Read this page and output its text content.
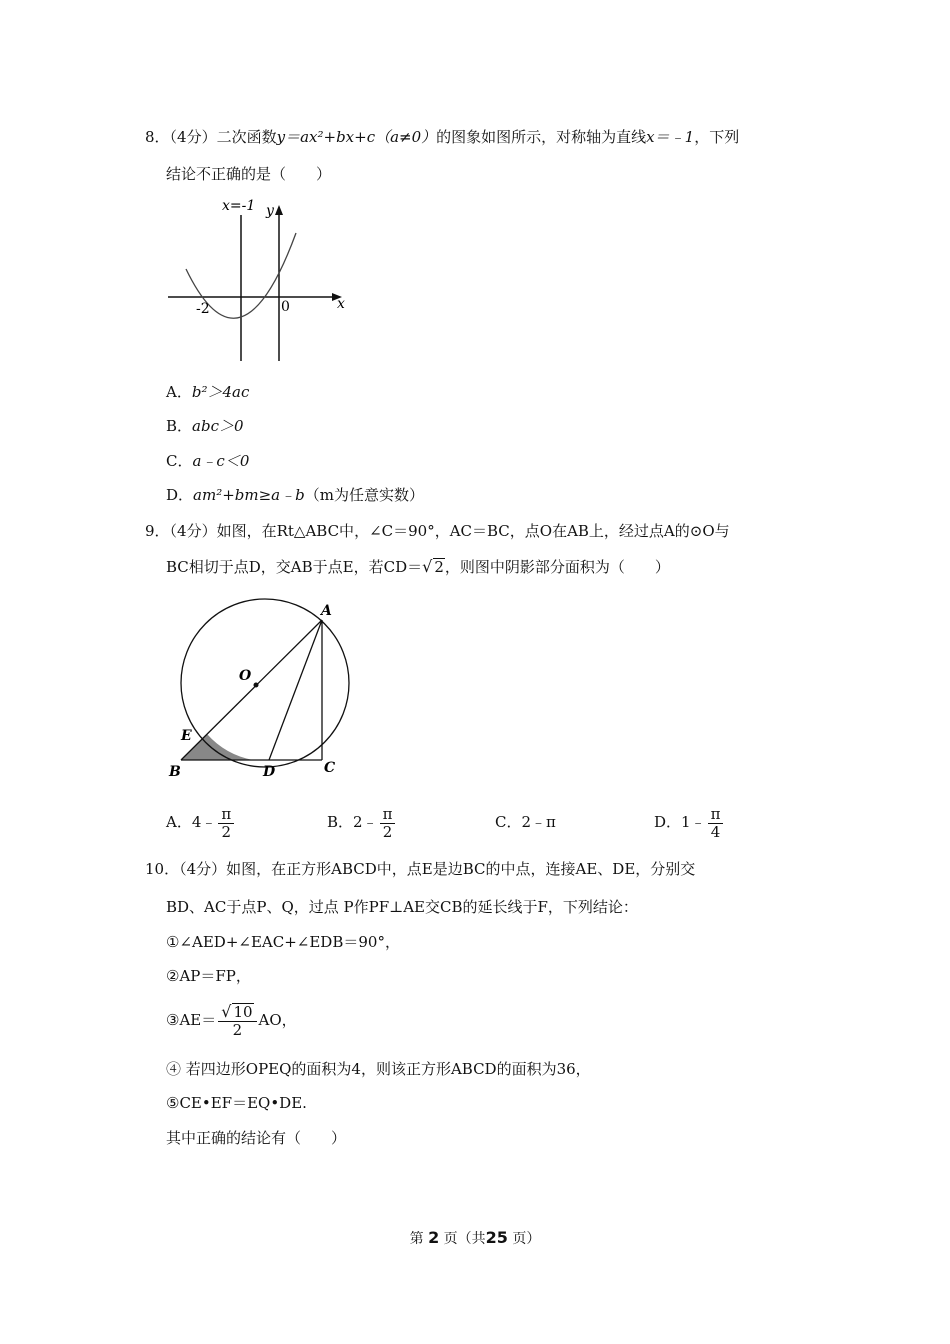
8．（4分）二次函数y＝ax²+bx+c（a≠0）的图象如图所示，对称轴为直线x＝﹣1，下列
结论不正确的是（　　）
x=-1 y
x
-2	0
A．b²＞4ac
B．abc＞0
C．a﹣c＜0
D．am²+bm≥a﹣b（m为任意实数）
9．（4分）如图，在Rt△ABC中，∠C＝90°，AC＝BC，点O在AB上，经过点A的⊙O与
BC相切于点D，交AB于点E，若CD＝√ 2，则图中阴影部分面积为（　　）
A
O
E
B	D	C
A．4﹣ $\frac{\pi}{2}$	B．2﹣ $\frac{\pi}{2}$	C．2﹣π	D．1﹣ $\frac{\pi}{4}$
10．（4分）如图，在正方形ABCD中，点E是边BC的中点，连接AE、DE，分别交
BD、AC于点P、Q，过点 P作PF⊥AE交CB的延长线于F，下列结论：
①∠AED+∠EAC+∠EDB＝90°，
②AP＝FP，
③AE＝ $\frac{√ 10}{2}$ AO，
④ 若四边形OPEQ的面积为4，则该正方形ABCD的面积为36，
⑤CE•EF＝EQ•DE.
其中正确的结论有（　　）
第 2 页（共25 页）
